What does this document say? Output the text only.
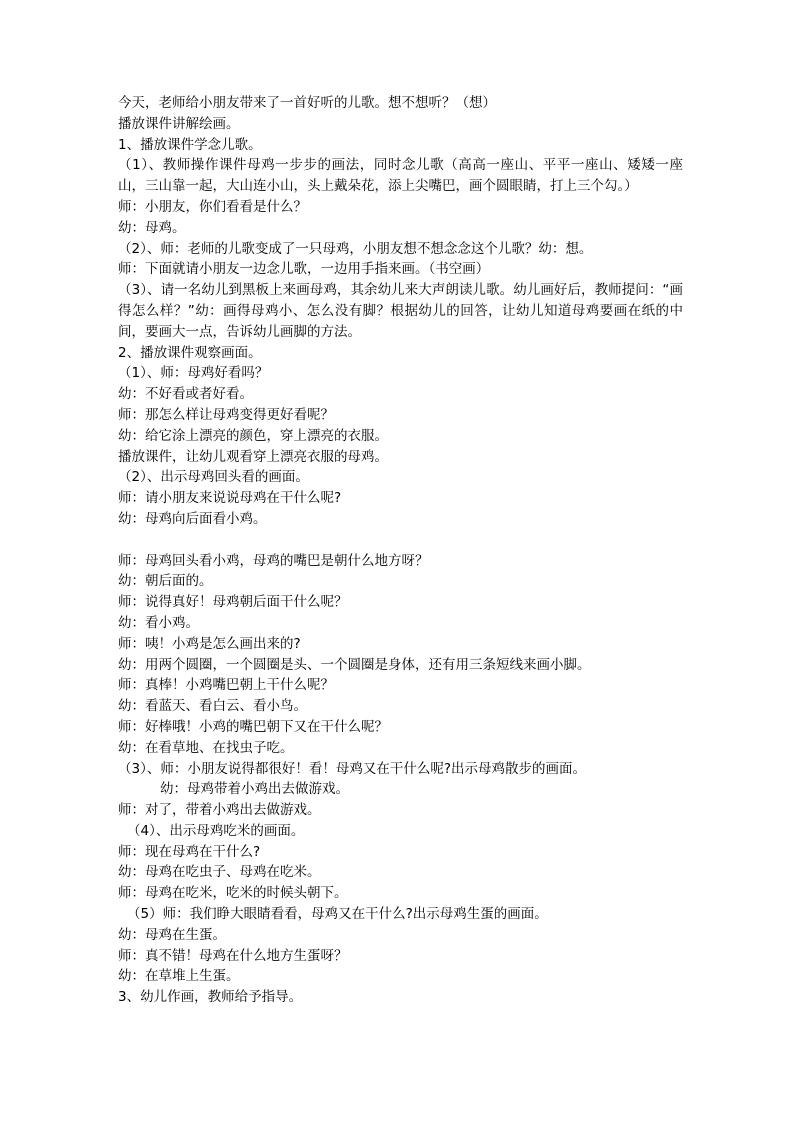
今天，老师给小朋友带来了一首好听的儿歌。想不想听？（想）
播放课件讲解绘画。
1、播放课件学念儿歌。
（1）、教师操作课件母鸡一步步的画法，同时念儿歌（高高一座山、平平一座山、矮矮一座山，三山靠一起，大山连小山，头上戴朵花，添上尖嘴巴，画个圆眼睛，打上三个勾。）
师：小朋友，你们看看是什么？
幼：母鸡。
（2）、师：老师的儿歌变成了一只母鸡，小朋友想不想念念这个儿歌？幼：想。
师：下面就请小朋友一边念儿歌，一边用手指来画。（书空画）
（3）、请一名幼儿到黑板上来画母鸡，其余幼儿来大声朗读儿歌。幼儿画好后，教师提问：“画得怎么样？”幼：画得母鸡小、怎么没有脚？根据幼儿的回答，让幼儿知道母鸡要画在纸的中间，要画大一点，告诉幼儿画脚的方法。
2、播放课件观察画面。
（1）、师：母鸡好看吗？
幼：不好看或者好看。
师：那怎么样让母鸡变得更好看呢？
幼：给它涂上漂亮的颜色，穿上漂亮的衣服。
播放课件，让幼儿观看穿上漂亮衣服的母鸡。
（2）、出示母鸡回头看的画面。
师：请小朋友来说说母鸡在干什么呢?
幼：母鸡向后面看小鸡。
师：母鸡回头看小鸡，母鸡的嘴巴是朝什么地方呀？
幼：朝后面的。
师：说得真好！母鸡朝后面干什么呢？
幼：看小鸡。
师：咦！小鸡是怎么画出来的?
幼：用两个圆圈，一个圆圈是头、一个圆圈是身体，还有用三条短线来画小脚。
师：真棒！小鸡嘴巴朝上干什么呢？
幼：看蓝天、看白云、看小鸟。
师：好棒哦！小鸡的嘴巴朝下又在干什么呢？
幼：在看草地、在找虫子吃。
（3）、师：小朋友说得都很好！看！母鸡又在干什么呢?出示母鸡散步的画面。
幼：母鸡带着小鸡出去做游戏。
师：对了，带着小鸡出去做游戏。
（4）、出示母鸡吃米的画面。
师：现在母鸡在干什么?
幼：母鸡在吃虫子、母鸡在吃米。
师：母鸡在吃米，吃米的时候头朝下。
（5）师：我们睁大眼睛看看，母鸡又在干什么?出示母鸡生蛋的画面。
幼：母鸡在生蛋。
师：真不错！母鸡在什么地方生蛋呀？
幼：在草堆上生蛋。
3、幼儿作画，教师给予指导。
